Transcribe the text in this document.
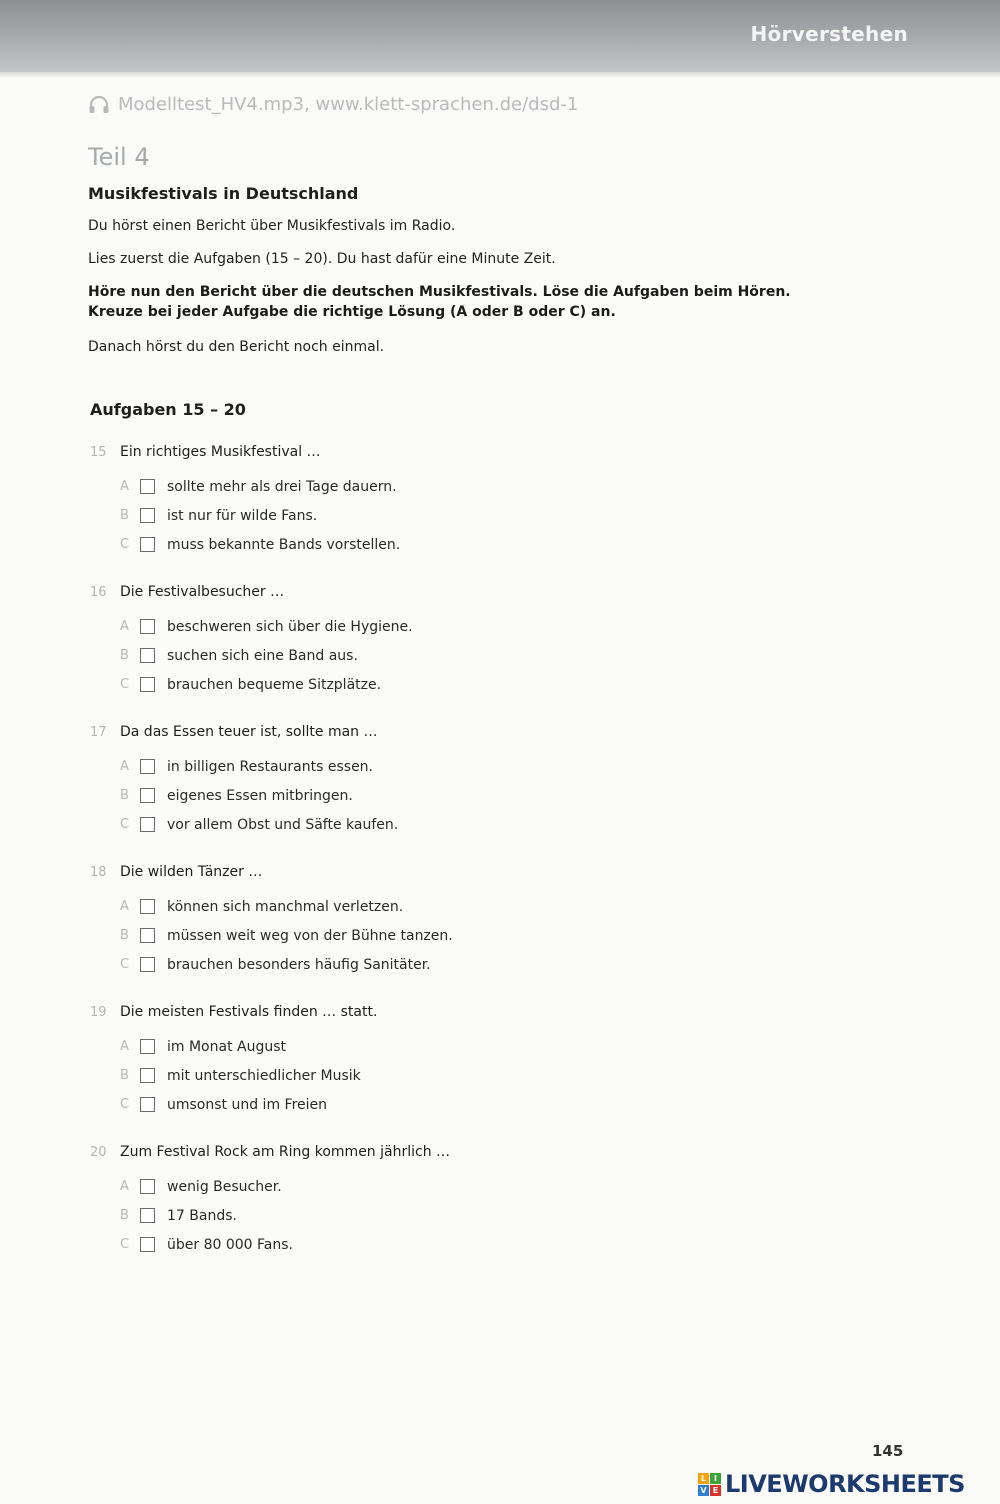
Hörverstehen
Modelltest_HV4.mp3, www.klett-sprachen.de/dsd-1
Teil 4
Musikfestivals in Deutschland
Du hörst einen Bericht über Musikfestivals im Radio.
Lies zuerst die Aufgaben (15 – 20). Du hast dafür eine Minute Zeit.
Höre nun den Bericht über die deutschen Musikfestivals. Löse die Aufgaben beim Hören.
Kreuze bei jeder Aufgabe die richtige Lösung (A oder B oder C) an.
Danach hörst du den Bericht noch einmal.
Aufgaben 15 – 20
15 Ein richtiges Musikfestival …
A	sollte mehr als drei Tage dauern.
B	ist nur für wilde Fans.
C	muss bekannte Bands vorstellen.
16 Die Festivalbesucher …
A	beschweren sich über die Hygiene.
B	suchen sich eine Band aus.
C	brauchen bequeme Sitzplätze.
17 Da das Essen teuer ist, sollte man …
A	in billigen Restaurants essen.
B	eigenes Essen mitbringen.
C	vor allem Obst und Säfte kaufen.
18 Die wilden Tänzer …
A	können sich manchmal verletzen.
B	müssen weit weg von der Bühne tanzen.
C	brauchen besonders häufig Sanitäter.
19 Die meisten Festivals finden … statt.
A	im Monat August
B	mit unterschiedlicher Musik
C	umsonst und im Freien
20 Zum Festival Rock am Ring kommen jährlich …
A	wenig Besucher.
B	17 Bands.
C	über 80 000 Fans.
145
L I
V E LIVEWORKSHEETS
